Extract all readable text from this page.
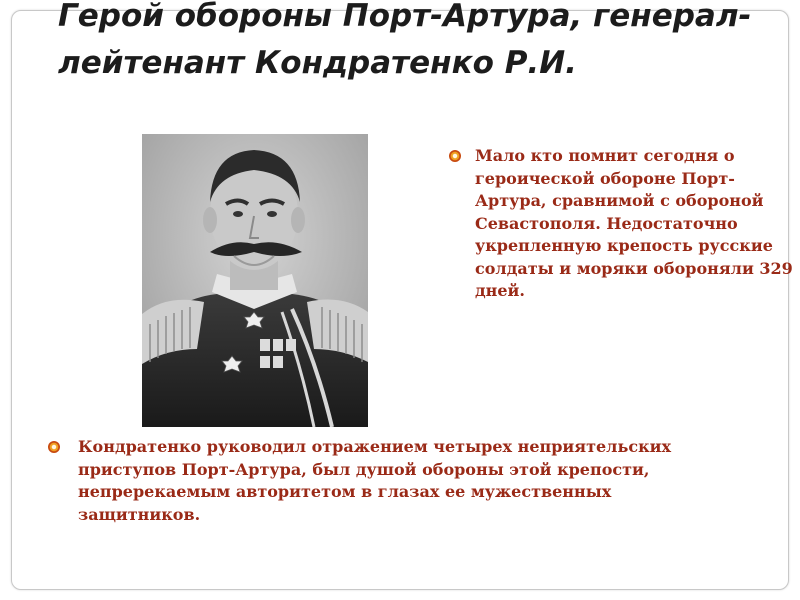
Герой обороны Порт-Артура, генерал-лейтенант Кондратенко Р.И.
Мало кто помнит сегодня о героической обороне Порт-Артура, сравнимой с обороной Севастополя. Недостаточно укрепленную крепость русские солдаты и моряки обороняли 329 дней.
Кондратенко руководил отражением четырех неприятельских приступов Порт-Артура, был душой обороны этой крепости, непререкаемым авторитетом в глазах ее мужественных защитников.
